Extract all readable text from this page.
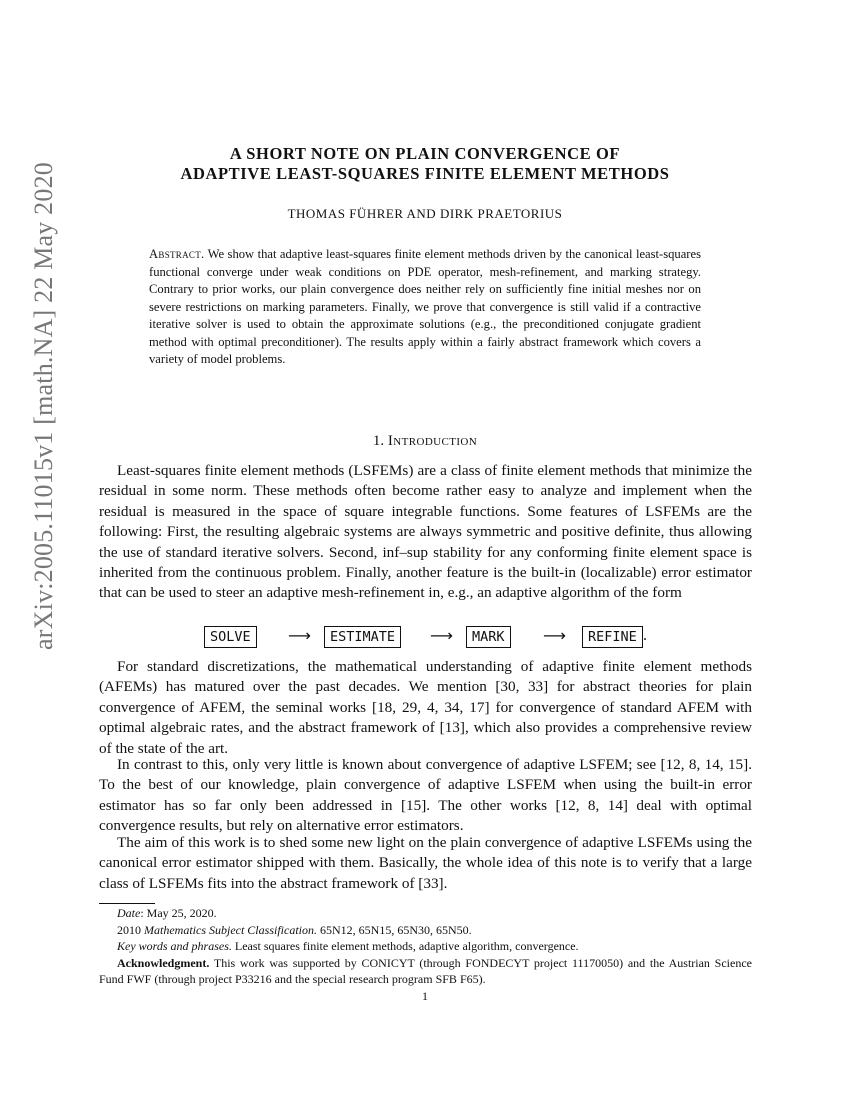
arXiv:2005.11015v1 [math.NA] 22 May 2020
A SHORT NOTE ON PLAIN CONVERGENCE OF
ADAPTIVE LEAST-SQUARES FINITE ELEMENT METHODS
THOMAS FÜHRER AND DIRK PRAETORIUS
Abstract. We show that adaptive least-squares finite element methods driven by the canonical least-squares functional converge under weak conditions on PDE operator, mesh-refinement, and marking strategy. Contrary to prior works, our plain convergence does neither rely on sufficiently fine initial meshes nor on severe restrictions on marking parameters. Finally, we prove that convergence is still valid if a contractive iterative solver is used to obtain the approximate solutions (e.g., the preconditioned conjugate gradient method with optimal preconditioner). The results apply within a fairly abstract framework which covers a variety of model problems.
1. Introduction

Least-squares finite element methods (LSFEMs) are a class of finite element methods that minimize the residual in some norm. These methods often become rather easy to analyze and implement when the residual is measured in the space of square integrable functions. Some features of LSFEMs are the following: First, the resulting algebraic systems are always symmetric and positive definite, thus allowing the use of standard iterative solvers. Second, inf–sup stability for any conforming finite element space is inherited from the continuous problem. Finally, another feature is the built-in (localizable) error estimator that can be used to steer an adaptive mesh-refinement in, e.g., an adaptive algorithm of the form

SOLVE	⟶	ESTIMATE	⟶	MARK	⟶	REFINE .

For standard discretizations, the mathematical understanding of adaptive finite element methods (AFEMs) has matured over the past decades. We mention [30, 33] for abstract theories for plain convergence of AFEM, the seminal works [18, 29, 4, 34, 17] for convergence of standard AFEM with optimal algebraic rates, and the abstract framework of [13], which also provides a comprehensive review of the state of the art.

In contrast to this, only very little is known about convergence of adaptive LSFEM; see [12, 8, 14, 15]. To the best of our knowledge, plain convergence of adaptive LSFEM when using the built-in error estimator has so far only been addressed in [15]. The other works [12, 8, 14] deal with optimal convergence results, but rely on alternative error estimators.

The aim of this work is to shed some new light on the plain convergence of adaptive LSFEMs using the canonical error estimator shipped with them. Basically, the whole idea of this note is to verify that a large class of LSFEMs fits into the abstract framework of [33].

Date: May 25, 2020.

2010 Mathematics Subject Classification. 65N12, 65N15, 65N30, 65N50.

Key words and phrases. Least squares finite element methods, adaptive algorithm, convergence.

Acknowledgment. This work was supported by CONICYT (through FONDECYT project 11170050) and the Austrian Science Fund FWF (through project P33216 and the special research program SFB F65).

1
